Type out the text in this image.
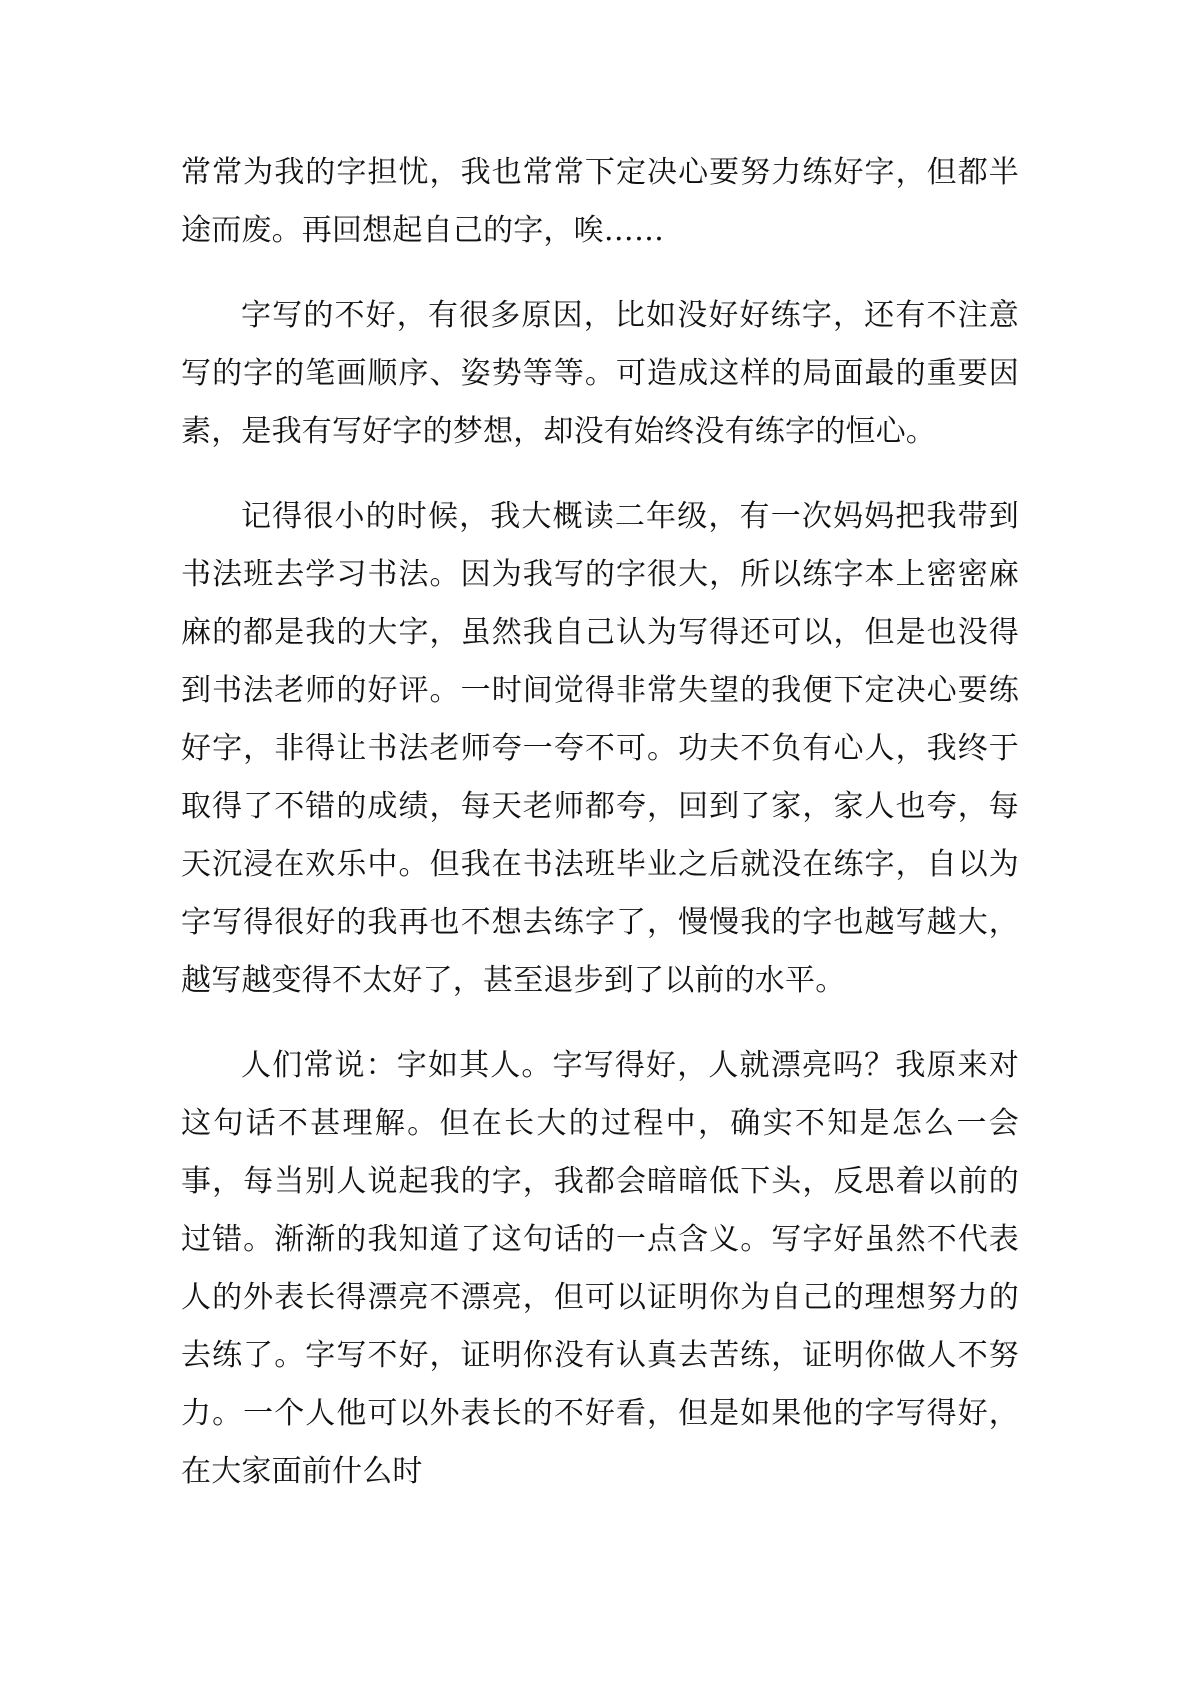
常常为我的字担忧，我也常常下定决心要努力练好字，但都半途而废。再回想起自己的字，唉……

字写的不好，有很多原因，比如没好好练字，还有不注意写的字的笔画顺序、姿势等等。可造成这样的局面最的重要因素，是我有写好字的梦想，却没有始终没有练字的恒心。

记得很小的时候，我大概读二年级，有一次妈妈把我带到书法班去学习书法。因为我写的字很大，所以练字本上密密麻麻的都是我的大字，虽然我自己认为写得还可以，但是也没得到书法老师的好评。一时间觉得非常失望的我便下定决心要练好字，非得让书法老师夸一夸不可。功夫不负有心人，我终于取得了不错的成绩，每天老师都夸，回到了家，家人也夸，每天沉浸在欢乐中。但我在书法班毕业之后就没在练字，自以为字写得很好的我再也不想去练字了，慢慢我的字也越写越大，越写越变得不太好了，甚至退步到了以前的水平。

人们常说：字如其人。字写得好，人就漂亮吗？我原来对这句话不甚理解。但在长大的过程中，确实不知是怎么一会事，每当别人说起我的字，我都会暗暗低下头，反思着以前的过错。渐渐的我知道了这句话的一点含义。写字好虽然不代表人的外表长得漂亮不漂亮，但可以证明你为自己的理想努力的去练了。字写不好，证明你没有认真去苦练，证明你做人不努力。一个人他可以外表长的不好看，但是如果他的字写得好，在大家面前什么时
